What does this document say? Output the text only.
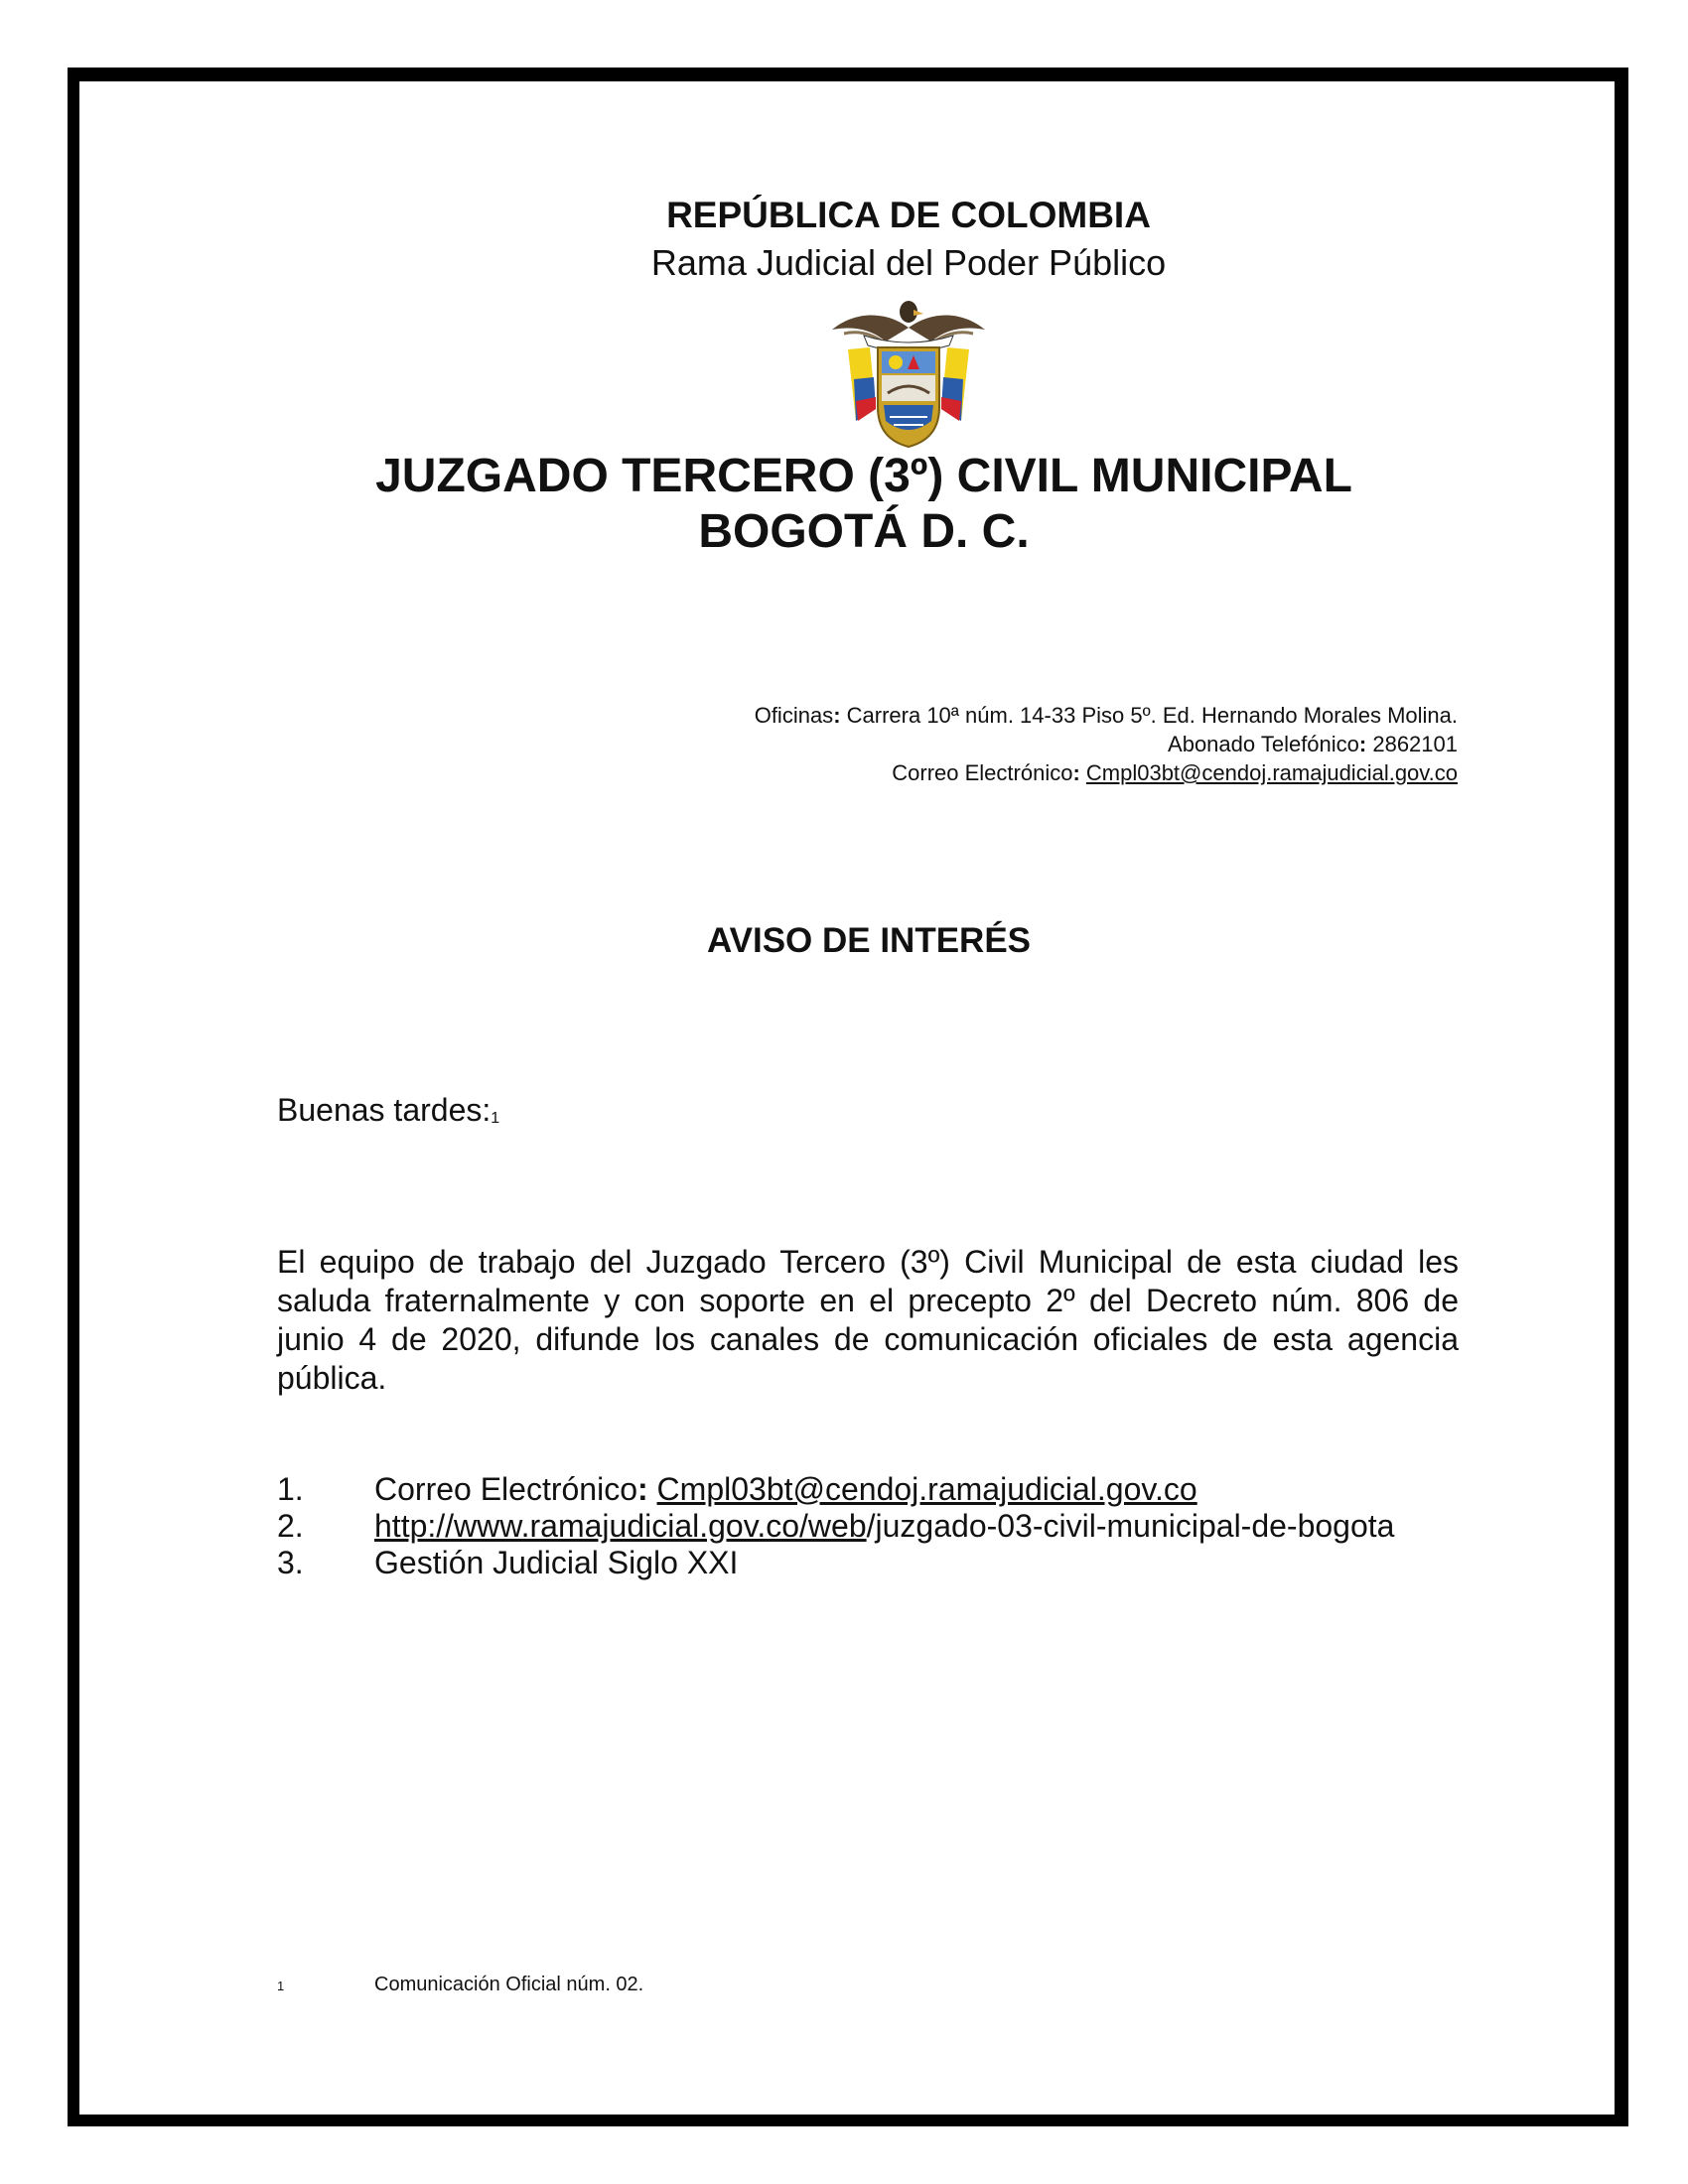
REPÚBLICA DE COLOMBIA
Rama Judicial del Poder Público
JUZGADO TERCERO (3º) CIVIL MUNICIPAL
BOGOTÁ D. C.
Oficinas: Carrera 10ª núm. 14-33 Piso 5º. Ed. Hernando Morales Molina.
Abonado Telefónico: 2862101
Correo Electrónico: Cmpl03bt@cendoj.ramajudicial.gov.co
AVISO DE INTERÉS
Buenas tardes:$^1$
El equipo de trabajo del Juzgado Tercero (3º) Civil Municipal de esta ciudad les saluda fraternalmente y con soporte en el precepto 2º del Decreto núm. 806 de junio 4 de 2020, difunde los canales de comunicación oficiales de esta agencia pública.
1.	Correo Electrónico: Cmpl03bt@cendoj.ramajudicial.gov.co
2.	http://www.ramajudicial.gov.co/web/juzgado-03-civil-municipal-de-bogota
3.	Gestión Judicial Siglo XXI
1	Comunicación Oficial núm. 02.
